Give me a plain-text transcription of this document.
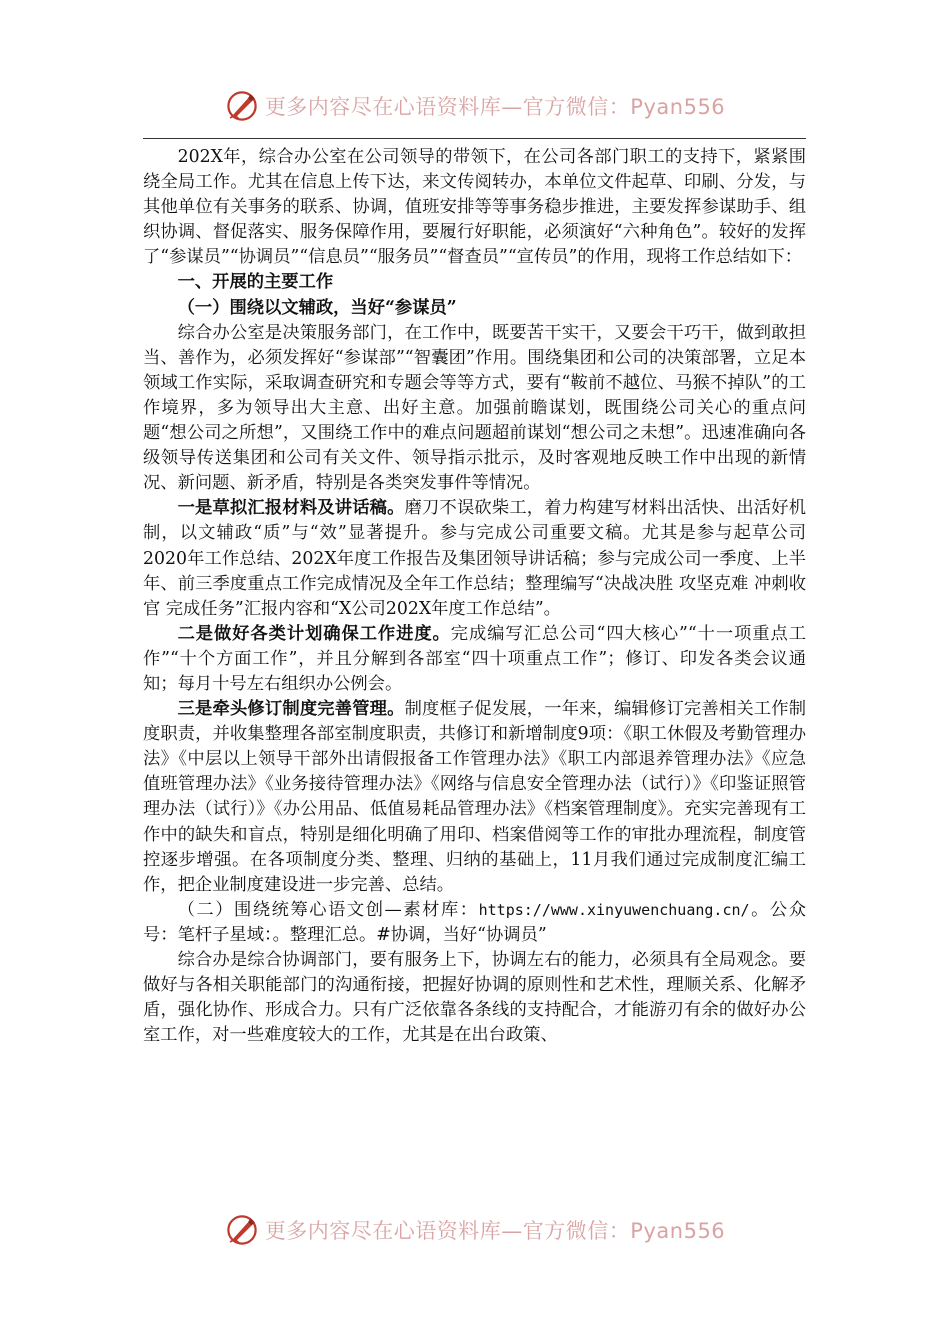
更多内容尽在心语资料库—官方微信：Pyan556

202X年，综合办公室在公司领导的带领下，在公司各部门职工的支持下，紧紧围绕全局工作。尤其在信息上传下达，来文传阅转办，本单位文件起草、印刷、分发，与其他单位有关事务的联系、协调，值班安排等等事务稳步推进，主要发挥参谋助手、组织协调、督促落实、服务保障作用，要履行好职能，必须演好“六种角色”。较好的发挥了“参谋员”“协调员”“信息员”“服务员”“督查员”“宣传员”的作用，现将工作总结如下：

一、开展的主要工作

（一）围绕以文辅政，当好“参谋员”

综合办公室是决策服务部门，在工作中，既要苦干实干，又要会干巧干，做到敢担当、善作为，必须发挥好“参谋部”“智囊团”作用。围绕集团和公司的决策部署，立足本领域工作实际，采取调查研究和专题会等等方式，要有“鞍前不越位、马猴不掉队”的工作境界，多为领导出大主意、出好主意。加强前瞻谋划，既围绕公司关心的重点问题“想公司之所想”，又围绕工作中的难点问题超前谋划“想公司之未想”。迅速准确向各级领导传送集团和公司有关文件、领导指示批示，及时客观地反映工作中出现的新情况、新问题、新矛盾，特别是各类突发事件等情况。

一是草拟汇报材料及讲话稿。磨刀不误砍柴工，着力构建写材料出活快、出活好机制，以文辅政“质”与“效”显著提升。参与完成公司重要文稿。尤其是参与起草公司2020年工作总结、202X年度工作报告及集团领导讲话稿；参与完成公司一季度、上半年、前三季度重点工作完成情况及全年工作总结；整理编写“决战决胜 攻坚克难 冲刺收官 完成任务”汇报内容和“X公司202X年度工作总结”。

二是做好各类计划确保工作进度。完成编写汇总公司“四大核心”“十一项重点工作”“十个方面工作”，并且分解到各部室“四十项重点工作”；修订、印发各类会议通知；每月十号左右组织办公例会。

三是牵头修订制度完善管理。制度框子促发展，一年来，编辑修订完善相关工作制度职责，并收集整理各部室制度职责，共修订和新增制度9项：《职工休假及考勤管理办法》《中层以上领导干部外出请假报备工作管理办法》《职工内部退养管理办法》《应急值班管理办法》《业务接待管理办法》《网络与信息安全管理办法（试行）》《印鉴证照管理办法（试行）》《办公用品、低值易耗品管理办法》《档案管理制度》。充实完善现有工作中的缺失和盲点，特别是细化明确了用印、档案借阅等工作的审批办理流程，制度管控逐步增强。在各项制度分类、整理、归纳的基础上，11月我们通过完成制度汇编工作，把企业制度建设进一步完善、总结。

（二）围绕统筹心语文创—素材库：https://www.xinyuwenchuang.cn/。公众号：笔杆子星域：。整理汇总。#协调，当好“协调员”

综合办是综合协调部门，要有服务上下，协调左右的能力，必须具有全局观念。要做好与各相关职能部门的沟通衔接，把握好协调的原则性和艺术性，理顺关系、化解矛盾，强化协作、形成合力。只有广泛依靠各条线的支持配合，才能游刃有余的做好办公室工作，对一些难度较大的工作，尤其是在出台政策、

更多内容尽在心语资料库—官方微信：Pyan556
